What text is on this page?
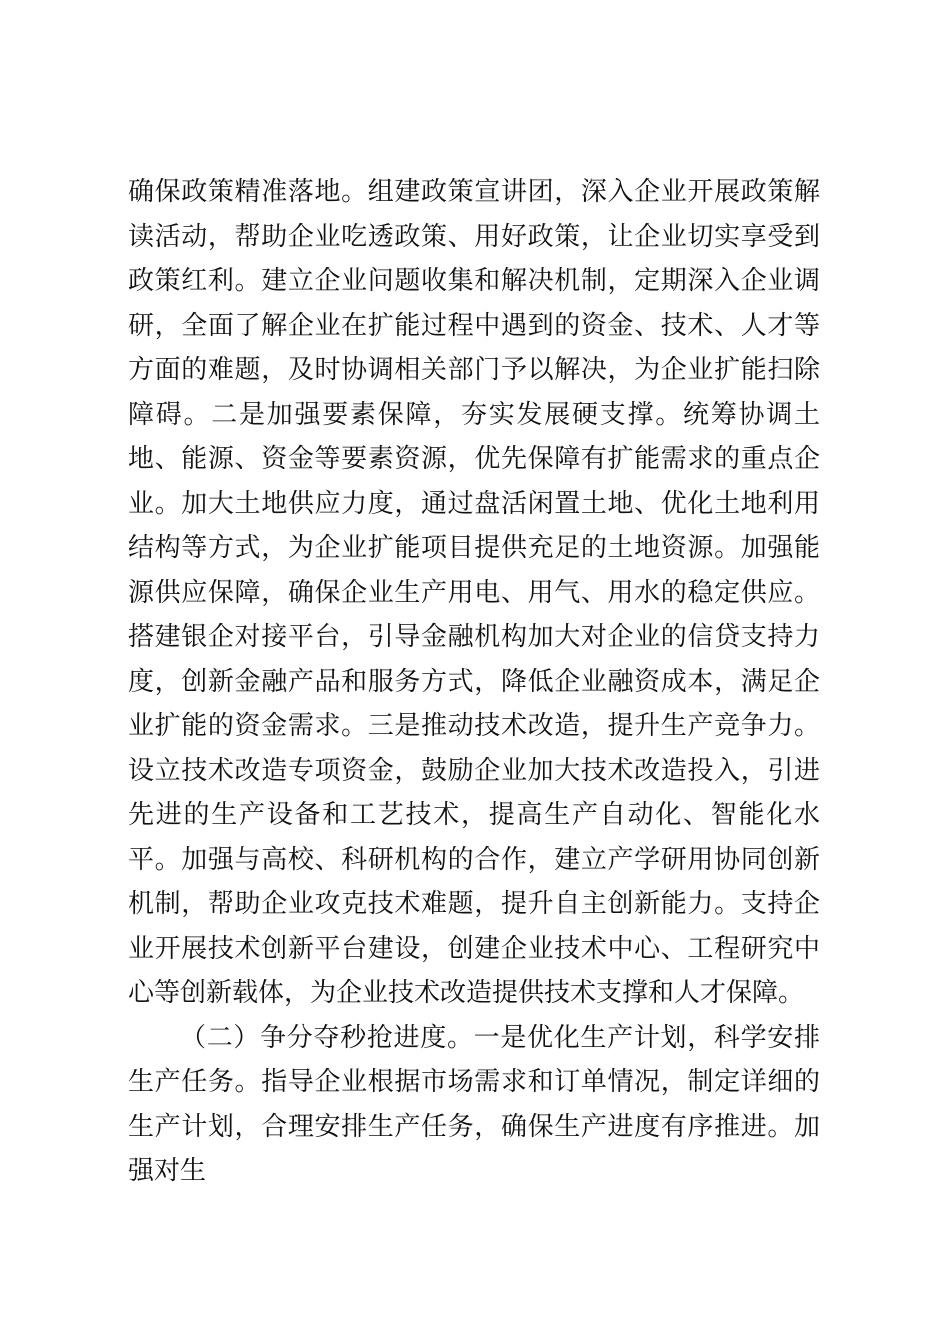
确保政策精准落地。组建政策宣讲团，深入企业开展政策解读活动，帮助企业吃透政策、用好政策，让企业切实享受到政策红利。建立企业问题收集和解决机制，定期深入企业调研，全面了解企业在扩能过程中遇到的资金、技术、人才等方面的难题，及时协调相关部门予以解决，为企业扩能扫除障碍。二是加强要素保障，夯实发展硬支撑。统筹协调土地、能源、资金等要素资源，优先保障有扩能需求的重点企业。加大土地供应力度，通过盘活闲置土地、优化土地利用结构等方式，为企业扩能项目提供充足的土地资源。加强能源供应保障，确保企业生产用电、用气、用水的稳定供应。搭建银企对接平台，引导金融机构加大对企业的信贷支持力度，创新金融产品和服务方式，降低企业融资成本，满足企业扩能的资金需求。三是推动技术改造，提升生产竞争力。设立技术改造专项资金，鼓励企业加大技术改造投入，引进先进的生产设备和工艺技术，提高生产自动化、智能化水平。加强与高校、科研机构的合作，建立产学研用协同创新机制，帮助企业攻克技术难题，提升自主创新能力。支持企业开展技术创新平台建设，创建企业技术中心、工程研究中心等创新载体，为企业技术改造提供技术支撑和人才保障。

（二）争分夺秒抢进度。一是优化生产计划，科学安排生产任务。指导企业根据市场需求和订单情况，制定详细的生产计划，合理安排生产任务，确保生产进度有序推进。加强对生
